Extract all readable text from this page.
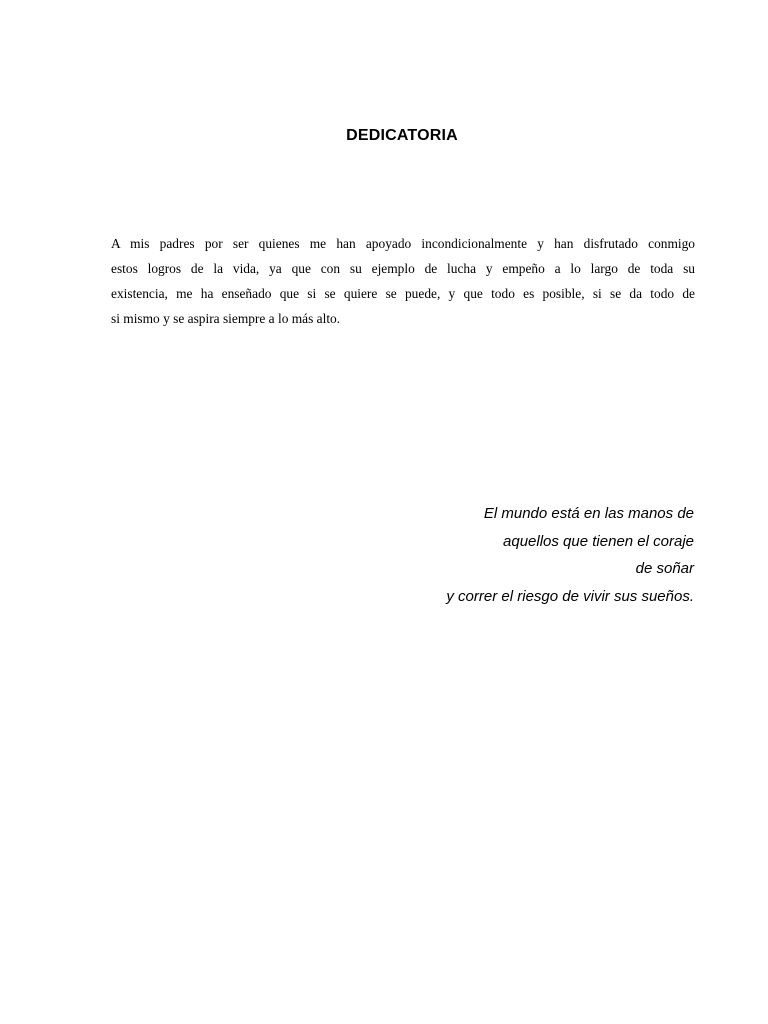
DEDICATORIA

A mis padres por ser quienes me han apoyado incondicionalmente y han disfrutado conmigo
estos logros de la vida, ya que con su ejemplo de lucha y empeño a lo largo de toda su
existencia, me ha enseñado que si se quiere se puede, y que todo es posible, si se da todo de
si mismo y se aspira siempre a lo más alto.

El mundo está en las manos de
aquellos que tienen el coraje
de soñar
y correr el riesgo de vivir sus sueños.
